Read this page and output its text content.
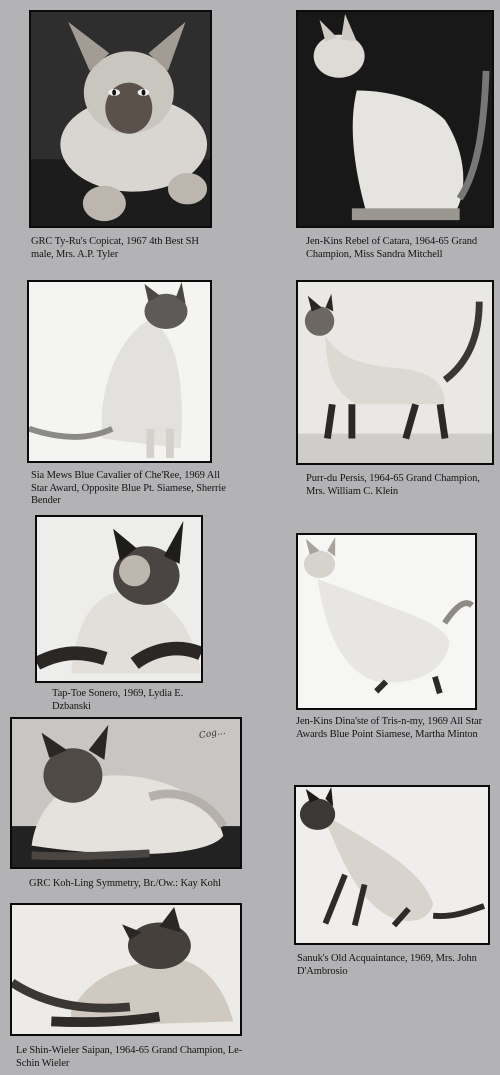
GRC Ty-Ru's Copicat, 1967 4th Best SH male, Mrs. A.P. Tyler
Jen-Kins Rebel of Catara, 1964-65 Grand Champion, Miss Sandra Mitchell
Sia Mews Blue Cavalier of Che'Ree, 1969 All Star Award, Opposite Blue Pt. Siamese, Sherrie Bender
Purr-du Persis, 1964-65 Grand Champion, Mrs. William C. Klein
Tap-Toe Sonero, 1969, Lydia E. Dzbanski
Jen-Kins Dina'ste of Tris-n-my, 1969 All Star Awards Blue Point Siamese, Martha Minton
Cog...
GRC Koh-Ling Symmetry, Br./Ow.: Kay Kohl
Sanuk's Old Acquaintance, 1969, Mrs. John D'Ambrosio
Le Shin-Wieler Saipan, 1964-65 Grand Champion, Le-Schin Wieler
